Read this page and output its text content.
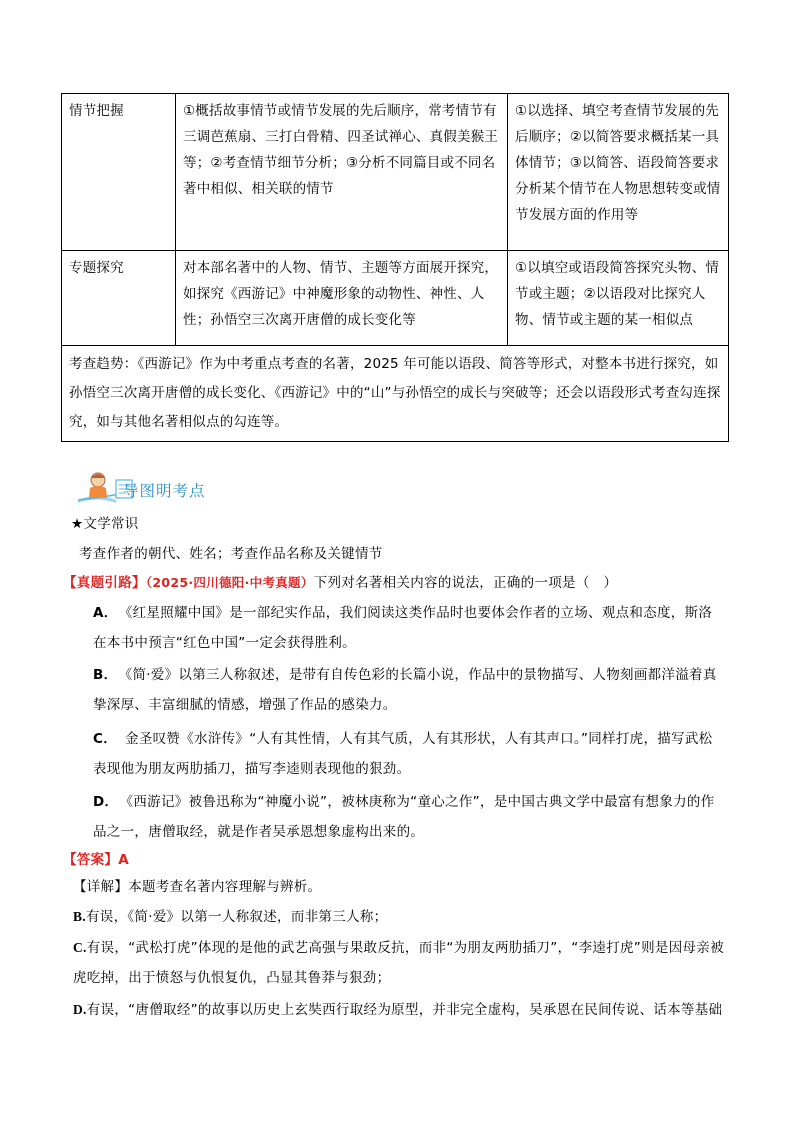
情节把握	①概括故事情节或情节发展的先后顺序，常考情节有三调芭蕉扇、三打白骨精、四圣试禅心、真假美猴王等；②考查情节细节分析；③分析不同篇目或不同名著中相似、相关联的情节	①以选择、填空考查情节发展的先后顺序；②以简答要求概括某一具体情节；③以简答、语段简答要求分析某个情节在人物思想转变或情节发展方面的作用等
专题探究	对本部名著中的人物、情节、主题等方面展开探究，如探究《西游记》中神魔形象的动物性、神性、人性；孙悟空三次离开唐僧的成长变化等	①以填空或语段简答探究头物、情节或主题；②以语段对比探究人物、情节或主题的某一相似点
考查趋势：《西游记》作为中考重点考查的名著，2025 年可能以语段、简答等形式，对整本书进行探究，如孙悟空三次离开唐僧的成长变化、《西游记》中的“山”与孙悟空的成长与突破等；还会以语段形式考查勾连探究，如与其他名著相似点的勾连等。		
导图明考点
★文学常识
考查作者的朝代、姓名；考查作品名称及关键情节
【真题引路】（2025·四川德阳·中考真题）下列对名著相关内容的说法，正确的一项是（　）
A． 《红星照耀中国》是一部纪实作品，我们阅读这类作品时也要体会作者的立场、观点和态度，斯洛在本书中预言“红色中国”一定会获得胜利。
B． 《简·爱》以第三人称叙述，是带有自传色彩的长篇小说，作品中的景物描写、人物刻画都洋溢着真挚深厚、丰富细腻的情感，增强了作品的感染力。
C． 金圣叹赞《水浒传》“人有其性情，人有其气质，人有其形状，人有其声口。”同样打虎，描写武松表现他为朋友两肋插刀，描写李逵则表现他的狠劲。
D． 《西游记》被鲁迅称为“神魔小说”，被林庚称为“童心之作”，是中国古典文学中最富有想象力的作品之一，唐僧取经，就是作者吴承恩想象虚构出来的。
【答案】A
【详解】本题考查名著内容理解与辨析。
B.有误，《简·爱》以第一人称叙述，而非第三人称；
C.有误，“武松打虎”体现的是他的武艺高强与果敢反抗，而非“为朋友两肋插刀”，“李逵打虎”则是因母亲被虎吃掉，出于愤怒与仇恨复仇，凸显其鲁莽与狠劲；
D.有误，“唐僧取经”的故事以历史上玄奘西行取经为原型，并非完全虚构，吴承恩在民间传说、话本等基础
